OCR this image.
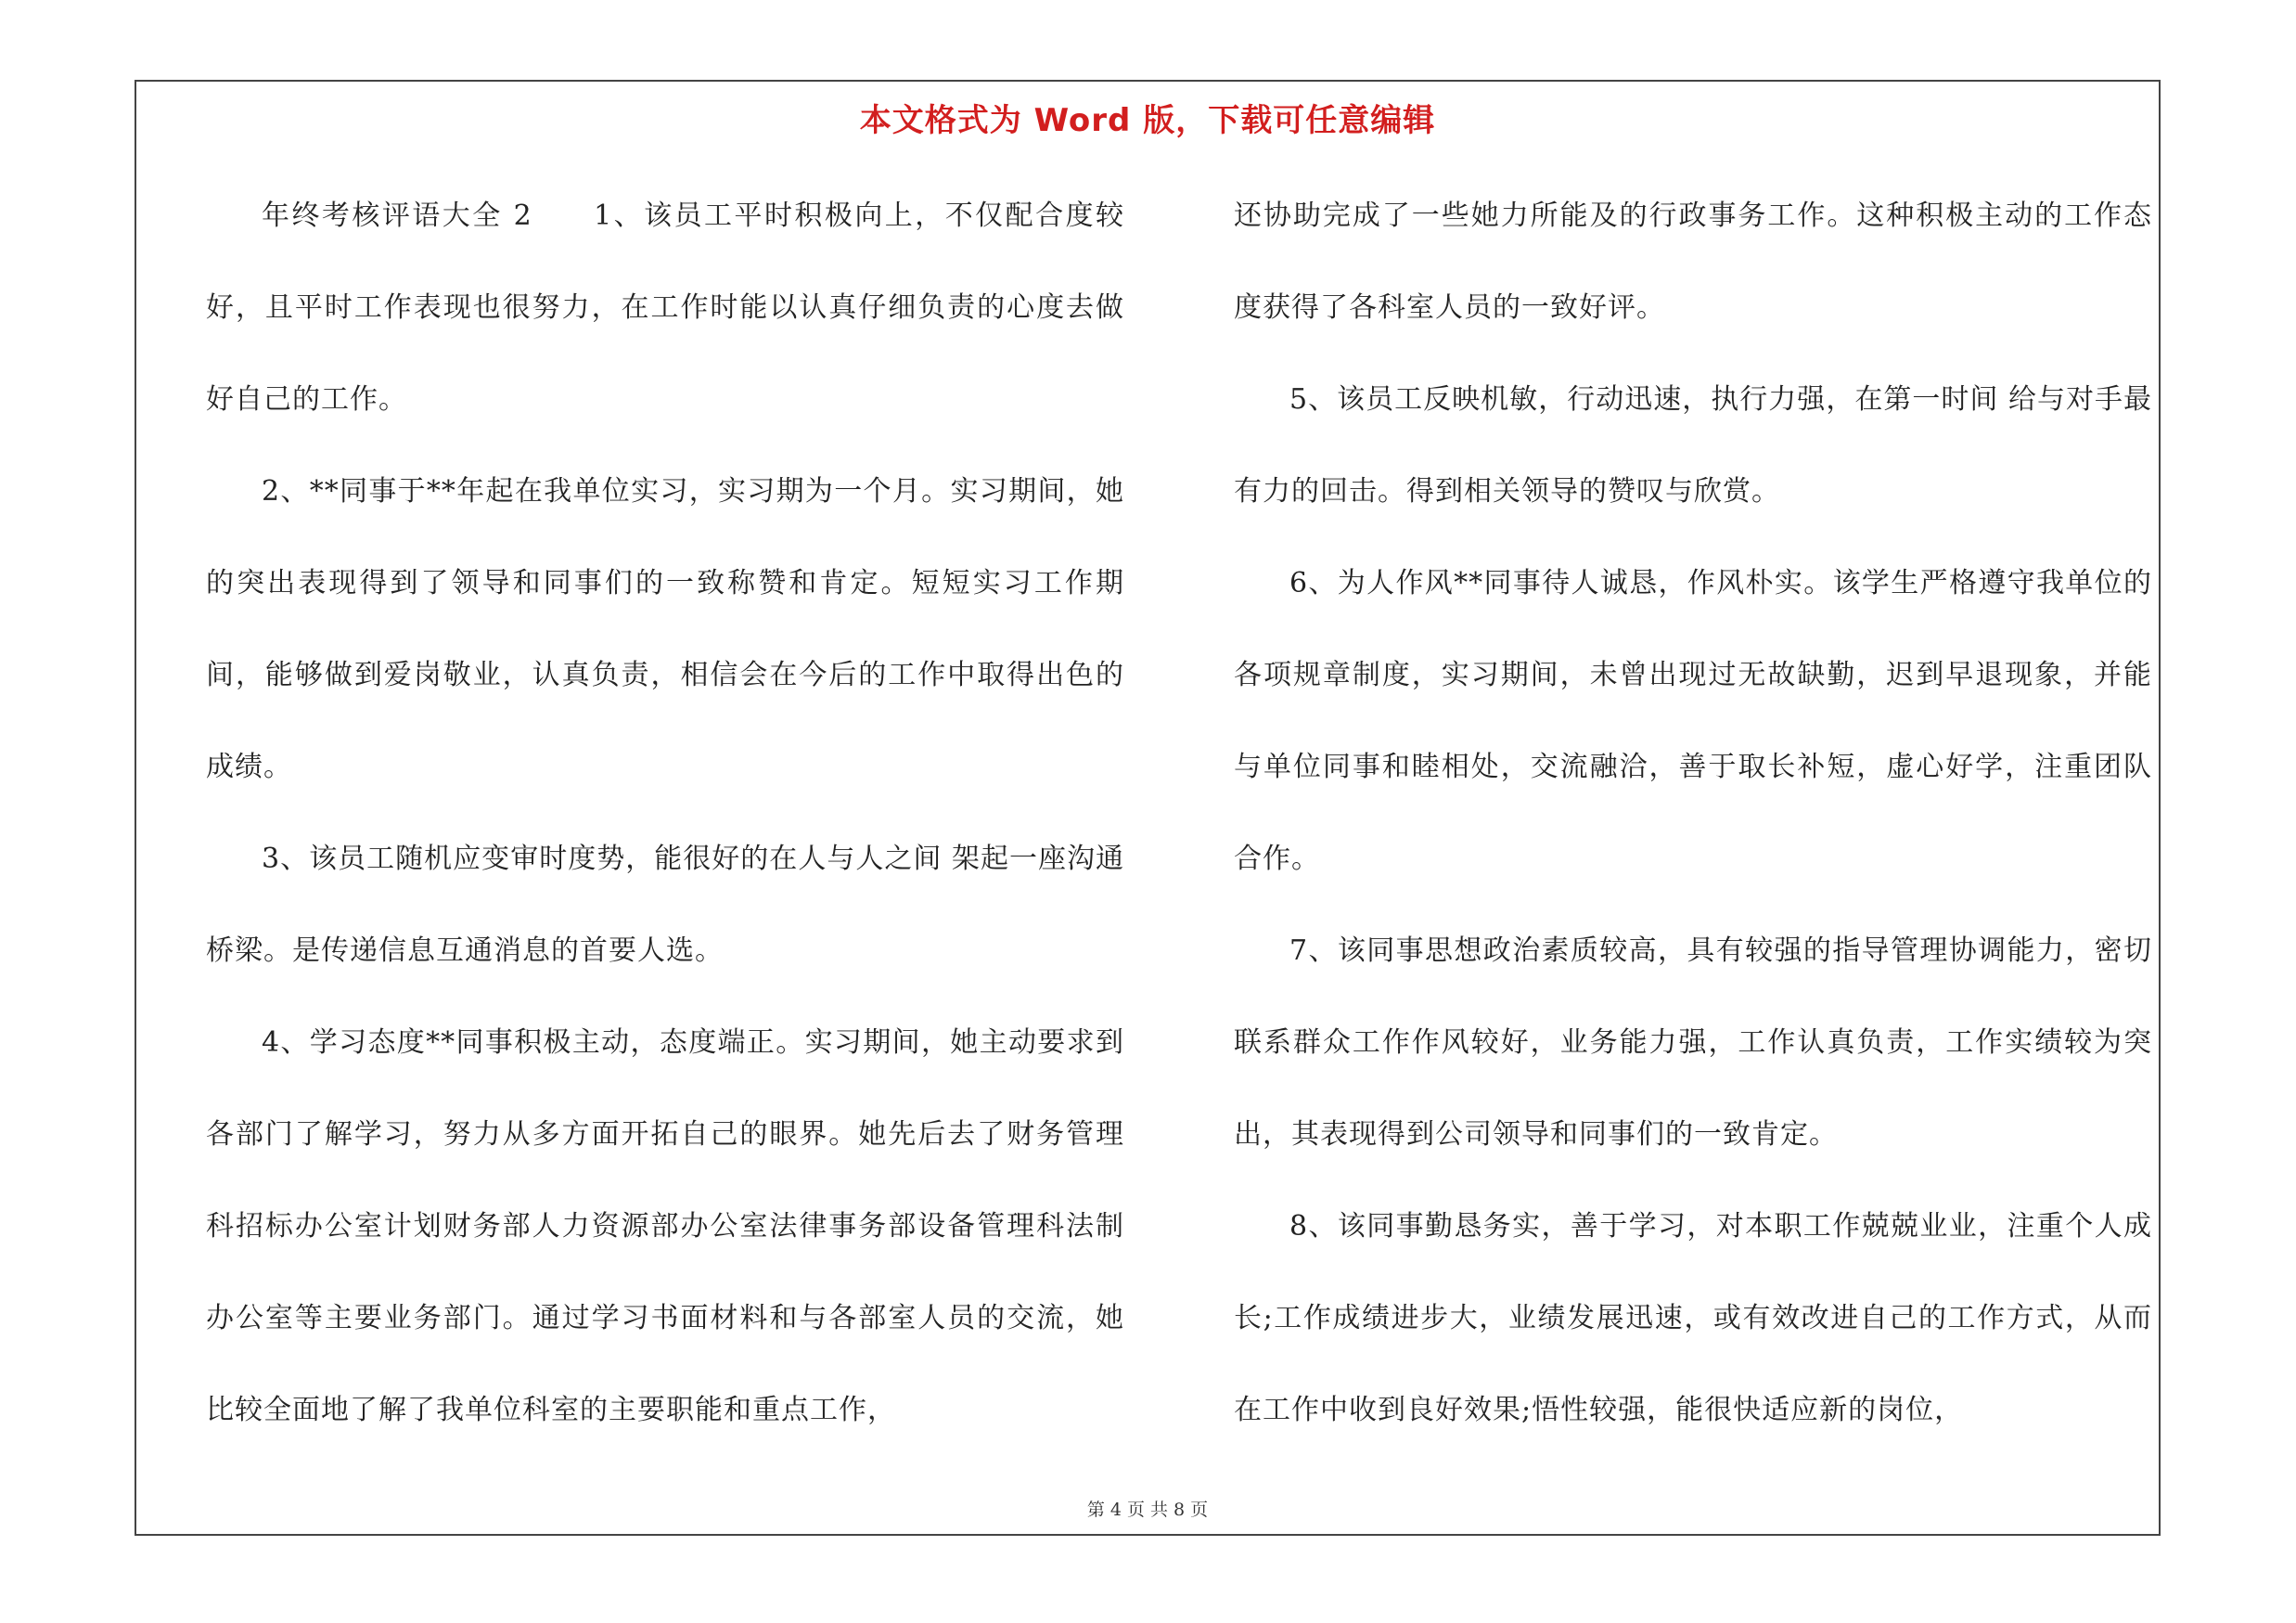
本文格式为 Word 版，下载可任意编辑

年终考核评语大全 2　　1、该员工平时积极向上，不仅配合度较好，且平时工作表现也很努力，在工作时能以认真仔细负责的心度去做好自己的工作。

2、**同事于**年起在我单位实习，实习期为一个月。实习期间，她的突出表现得到了领导和同事们的一致称赞和肯定。短短实习工作期间，能够做到爱岗敬业，认真负责，相信会在今后的工作中取得出色的成绩。

3、该员工随机应变审时度势，能很好的在人与人之间 架起一座沟通桥梁。是传递信息互通消息的首要人选。

4、学习态度**同事积极主动，态度端正。实习期间，她主动要求到各部门了解学习，努力从多方面开拓自己的眼界。她先后去了财务管理科招标办公室计划财务部人力资源部办公室法律事务部设备管理科法制办公室等主要业务部门。通过学习书面材料和与各部室人员的交流，她比较全面地了解了我单位科室的主要职能和重点工作，

还协助完成了一些她力所能及的行政事务工作。这种积极主动的工作态度获得了各科室人员的一致好评。

5、该员工反映机敏，行动迅速，执行力强，在第一时间 给与对手最有力的回击。得到相关领导的赞叹与欣赏。

6、为人作风**同事待人诚恳，作风朴实。该学生严格遵守我单位的各项规章制度，实习期间，未曾出现过无故缺勤，迟到早退现象，并能与单位同事和睦相处，交流融洽，善于取长补短，虚心好学，注重团队合作。

7、该同事思想政治素质较高，具有较强的指导管理协调能力，密切联系群众工作作风较好，业务能力强，工作认真负责，工作实绩较为突出，其表现得到公司领导和同事们的一致肯定。

8、该同事勤恳务实，善于学习，对本职工作兢兢业业，注重个人成长;工作成绩进步大，业绩发展迅速，或有效改进自己的工作方式，从而在工作中收到良好效果;悟性较强，能很快适应新的岗位，

第 4 页 共 8 页
